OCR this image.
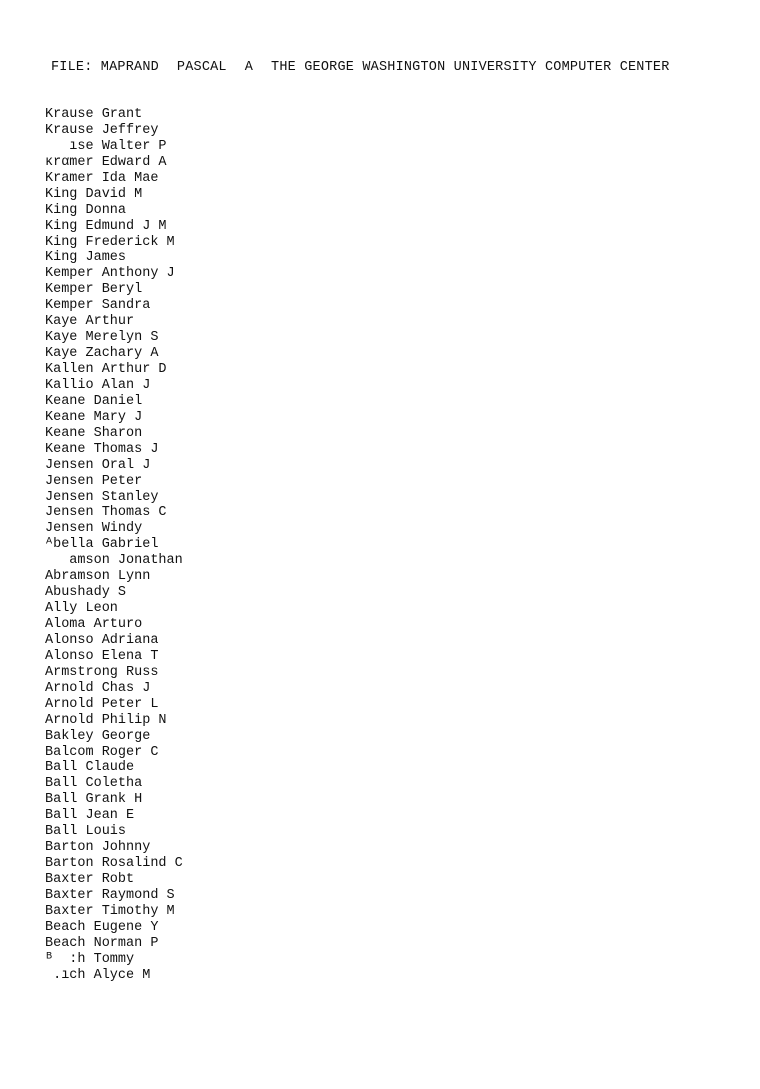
FILE: MAPRAND PASCAL A THE GEORGE WASHINGTON UNIVERSITY COMPUTER CENTER
Krause Grant
Krause Jeffrey
ıse Walter P
ĸrαmer Edward A
Kramer Ida Mae
King David M
King Donna
King Edmund J M
King Frederick M
King James
Kemper Anthony J
Kemper Beryl
Kemper Sandra
Kaye Arthur
Kaye Merelyn S
Kaye Zachary A
Kallen Arthur D
Kallio Alan J
Keane Daniel
Keane Mary J
Keane Sharon
Keane Thomas J
Jensen Oral J
Jensen Peter
Jensen Stanley
Jensen Thomas C
Jensen Windy
ᴬbella Gabriel
amson Jonathan
Abramson Lynn
Abushady S
Ally Leon
Aloma Arturo
Alonso Adriana
Alonso Elena T
Armstrong Russ
Arnold Chas J
Arnold Peter L
Arnold Philip N
Bakley George
Balcom Roger C
Ball Claude
Ball Coletha
Ball Grank H
Ball Jean E
Ball Louis
Barton Johnny
Barton Rosalind C
Baxter Robt
Baxter Raymond S
Baxter Timothy M
Beach Eugene Y
Beach Norman P
ᴮ  :h Tommy
.ıch Alyce M
